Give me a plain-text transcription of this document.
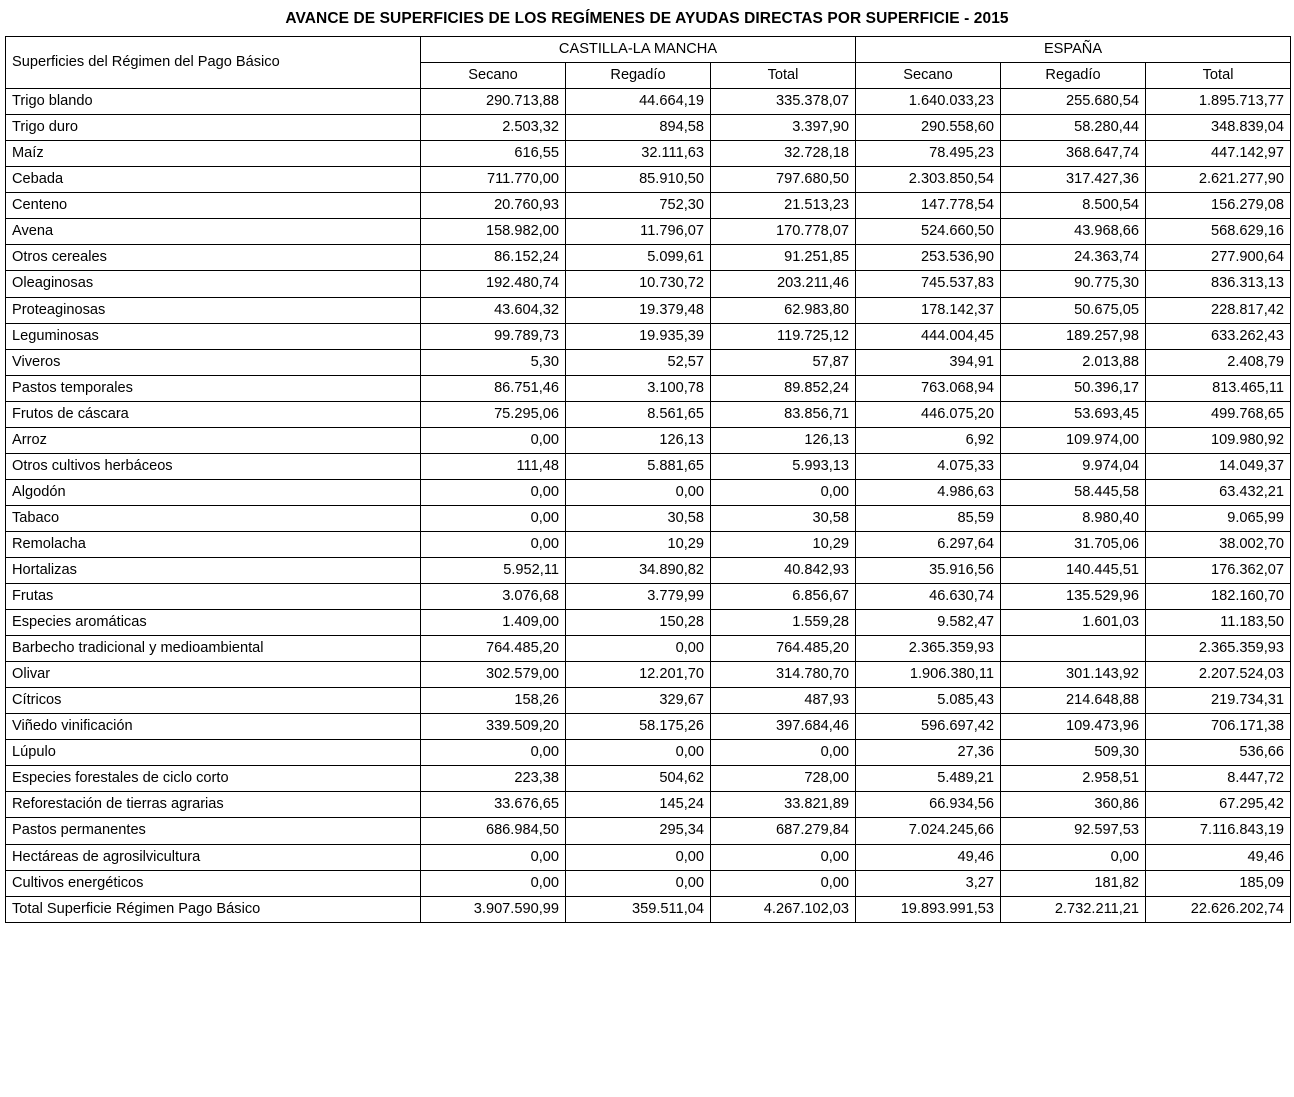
AVANCE DE SUPERFICIES DE LOS REGÍMENES DE AYUDAS DIRECTAS POR SUPERFICIE - 2015
Superficies del Régimen del Pago Básico	CASTILLA-LA MANCHA			ESPAÑA		
	Secano	Regadío	Total	Secano	Regadío	Total
Trigo blando	290.713,88	44.664,19	335.378,07	1.640.033,23	255.680,54	1.895.713,77
Trigo duro	2.503,32	894,58	3.397,90	290.558,60	58.280,44	348.839,04
Maíz	616,55	32.111,63	32.728,18	78.495,23	368.647,74	447.142,97
Cebada	711.770,00	85.910,50	797.680,50	2.303.850,54	317.427,36	2.621.277,90
Centeno	20.760,93	752,30	21.513,23	147.778,54	8.500,54	156.279,08
Avena	158.982,00	11.796,07	170.778,07	524.660,50	43.968,66	568.629,16
Otros cereales	86.152,24	5.099,61	91.251,85	253.536,90	24.363,74	277.900,64
Oleaginosas	192.480,74	10.730,72	203.211,46	745.537,83	90.775,30	836.313,13
Proteaginosas	43.604,32	19.379,48	62.983,80	178.142,37	50.675,05	228.817,42
Leguminosas	99.789,73	19.935,39	119.725,12	444.004,45	189.257,98	633.262,43
Viveros	5,30	52,57	57,87	394,91	2.013,88	2.408,79
Pastos temporales	86.751,46	3.100,78	89.852,24	763.068,94	50.396,17	813.465,11
Frutos de cáscara	75.295,06	8.561,65	83.856,71	446.075,20	53.693,45	499.768,65
Arroz	0,00	126,13	126,13	6,92	109.974,00	109.980,92
Otros cultivos herbáceos	111,48	5.881,65	5.993,13	4.075,33	9.974,04	14.049,37
Algodón	0,00	0,00	0,00	4.986,63	58.445,58	63.432,21
Tabaco	0,00	30,58	30,58	85,59	8.980,40	9.065,99
Remolacha	0,00	10,29	10,29	6.297,64	31.705,06	38.002,70
Hortalizas	5.952,11	34.890,82	40.842,93	35.916,56	140.445,51	176.362,07
Frutas	3.076,68	3.779,99	6.856,67	46.630,74	135.529,96	182.160,70
Especies aromáticas	1.409,00	150,28	1.559,28	9.582,47	1.601,03	11.183,50
Barbecho tradicional y medioambiental	764.485,20	0,00	764.485,20	2.365.359,93		2.365.359,93
Olivar	302.579,00	12.201,70	314.780,70	1.906.380,11	301.143,92	2.207.524,03
Cítricos	158,26	329,67	487,93	5.085,43	214.648,88	219.734,31
Viñedo vinificación	339.509,20	58.175,26	397.684,46	596.697,42	109.473,96	706.171,38
Lúpulo	0,00	0,00	0,00	27,36	509,30	536,66
Especies forestales de ciclo corto	223,38	504,62	728,00	5.489,21	2.958,51	8.447,72
Reforestación de tierras agrarias	33.676,65	145,24	33.821,89	66.934,56	360,86	67.295,42
Pastos permanentes	686.984,50	295,34	687.279,84	7.024.245,66	92.597,53	7.116.843,19
Hectáreas de agrosilvicultura	0,00	0,00	0,00	49,46	0,00	49,46
Cultivos energéticos	0,00	0,00	0,00	3,27	181,82	185,09
Total Superficie Régimen Pago Básico	3.907.590,99	359.511,04	4.267.102,03	19.893.991,53	2.732.211,21	22.626.202,74
